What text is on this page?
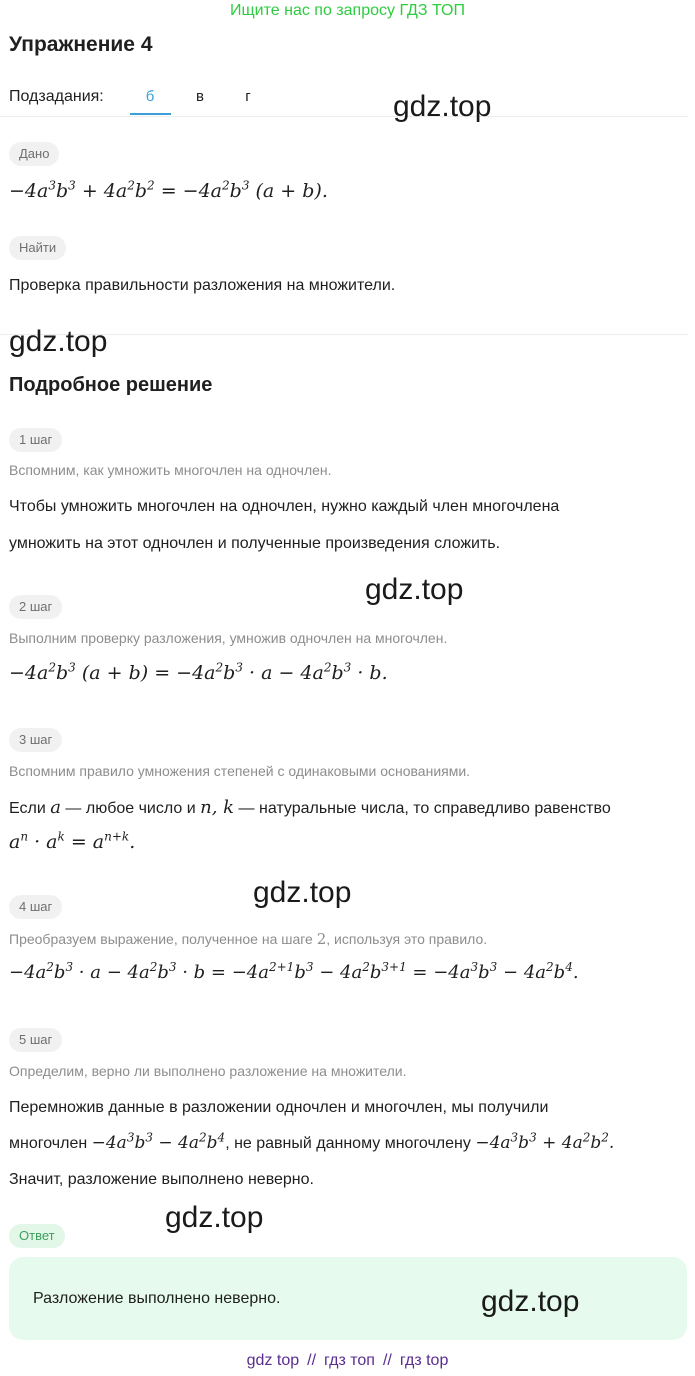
Ищите нас по запросу ГДЗ ТОП
Упражнение 4
Подзадания:	б	в	г	gdz.top
Дано
$-4a^3b^3 + 4a^2b^2 = -4a^2b^3$ (a + b).
Найти
Проверка правильности разложения на множители.
gdz.top
Подробное решение
1 шаг
Вспомним, как умножить многочлен на одночлен.
Чтобы умножить многочлен на одночлен, нужно каждый член многочлена
умножить на этот одночлен и полученные произведения сложить.
gdz.top
2 шаг
Выполним проверку разложения, умножив одночлен на многочлен.
$-4a^2b^3$ $(a + b) = -4a^2b^3 \cdot a - 4a^2b^3 \cdot b$.
3 шаг
Вспомним правило умножения степеней с одинаковыми основаниями.
Если a — любое число и n, k — натуральные числа, то справедливо равенство
$a^n \cdot a^k = a^{n+k}$.
gdz.top
4 шаг
Преобразуем выражение, полученное на шаге 2, используя это правило.
$-4a^2b^3 \cdot a - 4a^2b^3 \cdot b = -4a^{2+1}b^3 - 4a^2b^{3+1} = -4a^3b^3 - 4a^2b^4$.
5 шаг
Определим, верно ли выполнено разложение на множители.
Перемножив данные в разложении одночлен и многочлен, мы получили
многочлен $-4a^3b^3 - 4a^2b^4$, не равный данному многочлену $-4a^3b^3 + 4a^2b^2$.
Значит, разложение выполнено неверно.
gdz.top
Ответ
Разложение выполнено неверно.	gdz.top
gdz top // гдз топ // гдз top
